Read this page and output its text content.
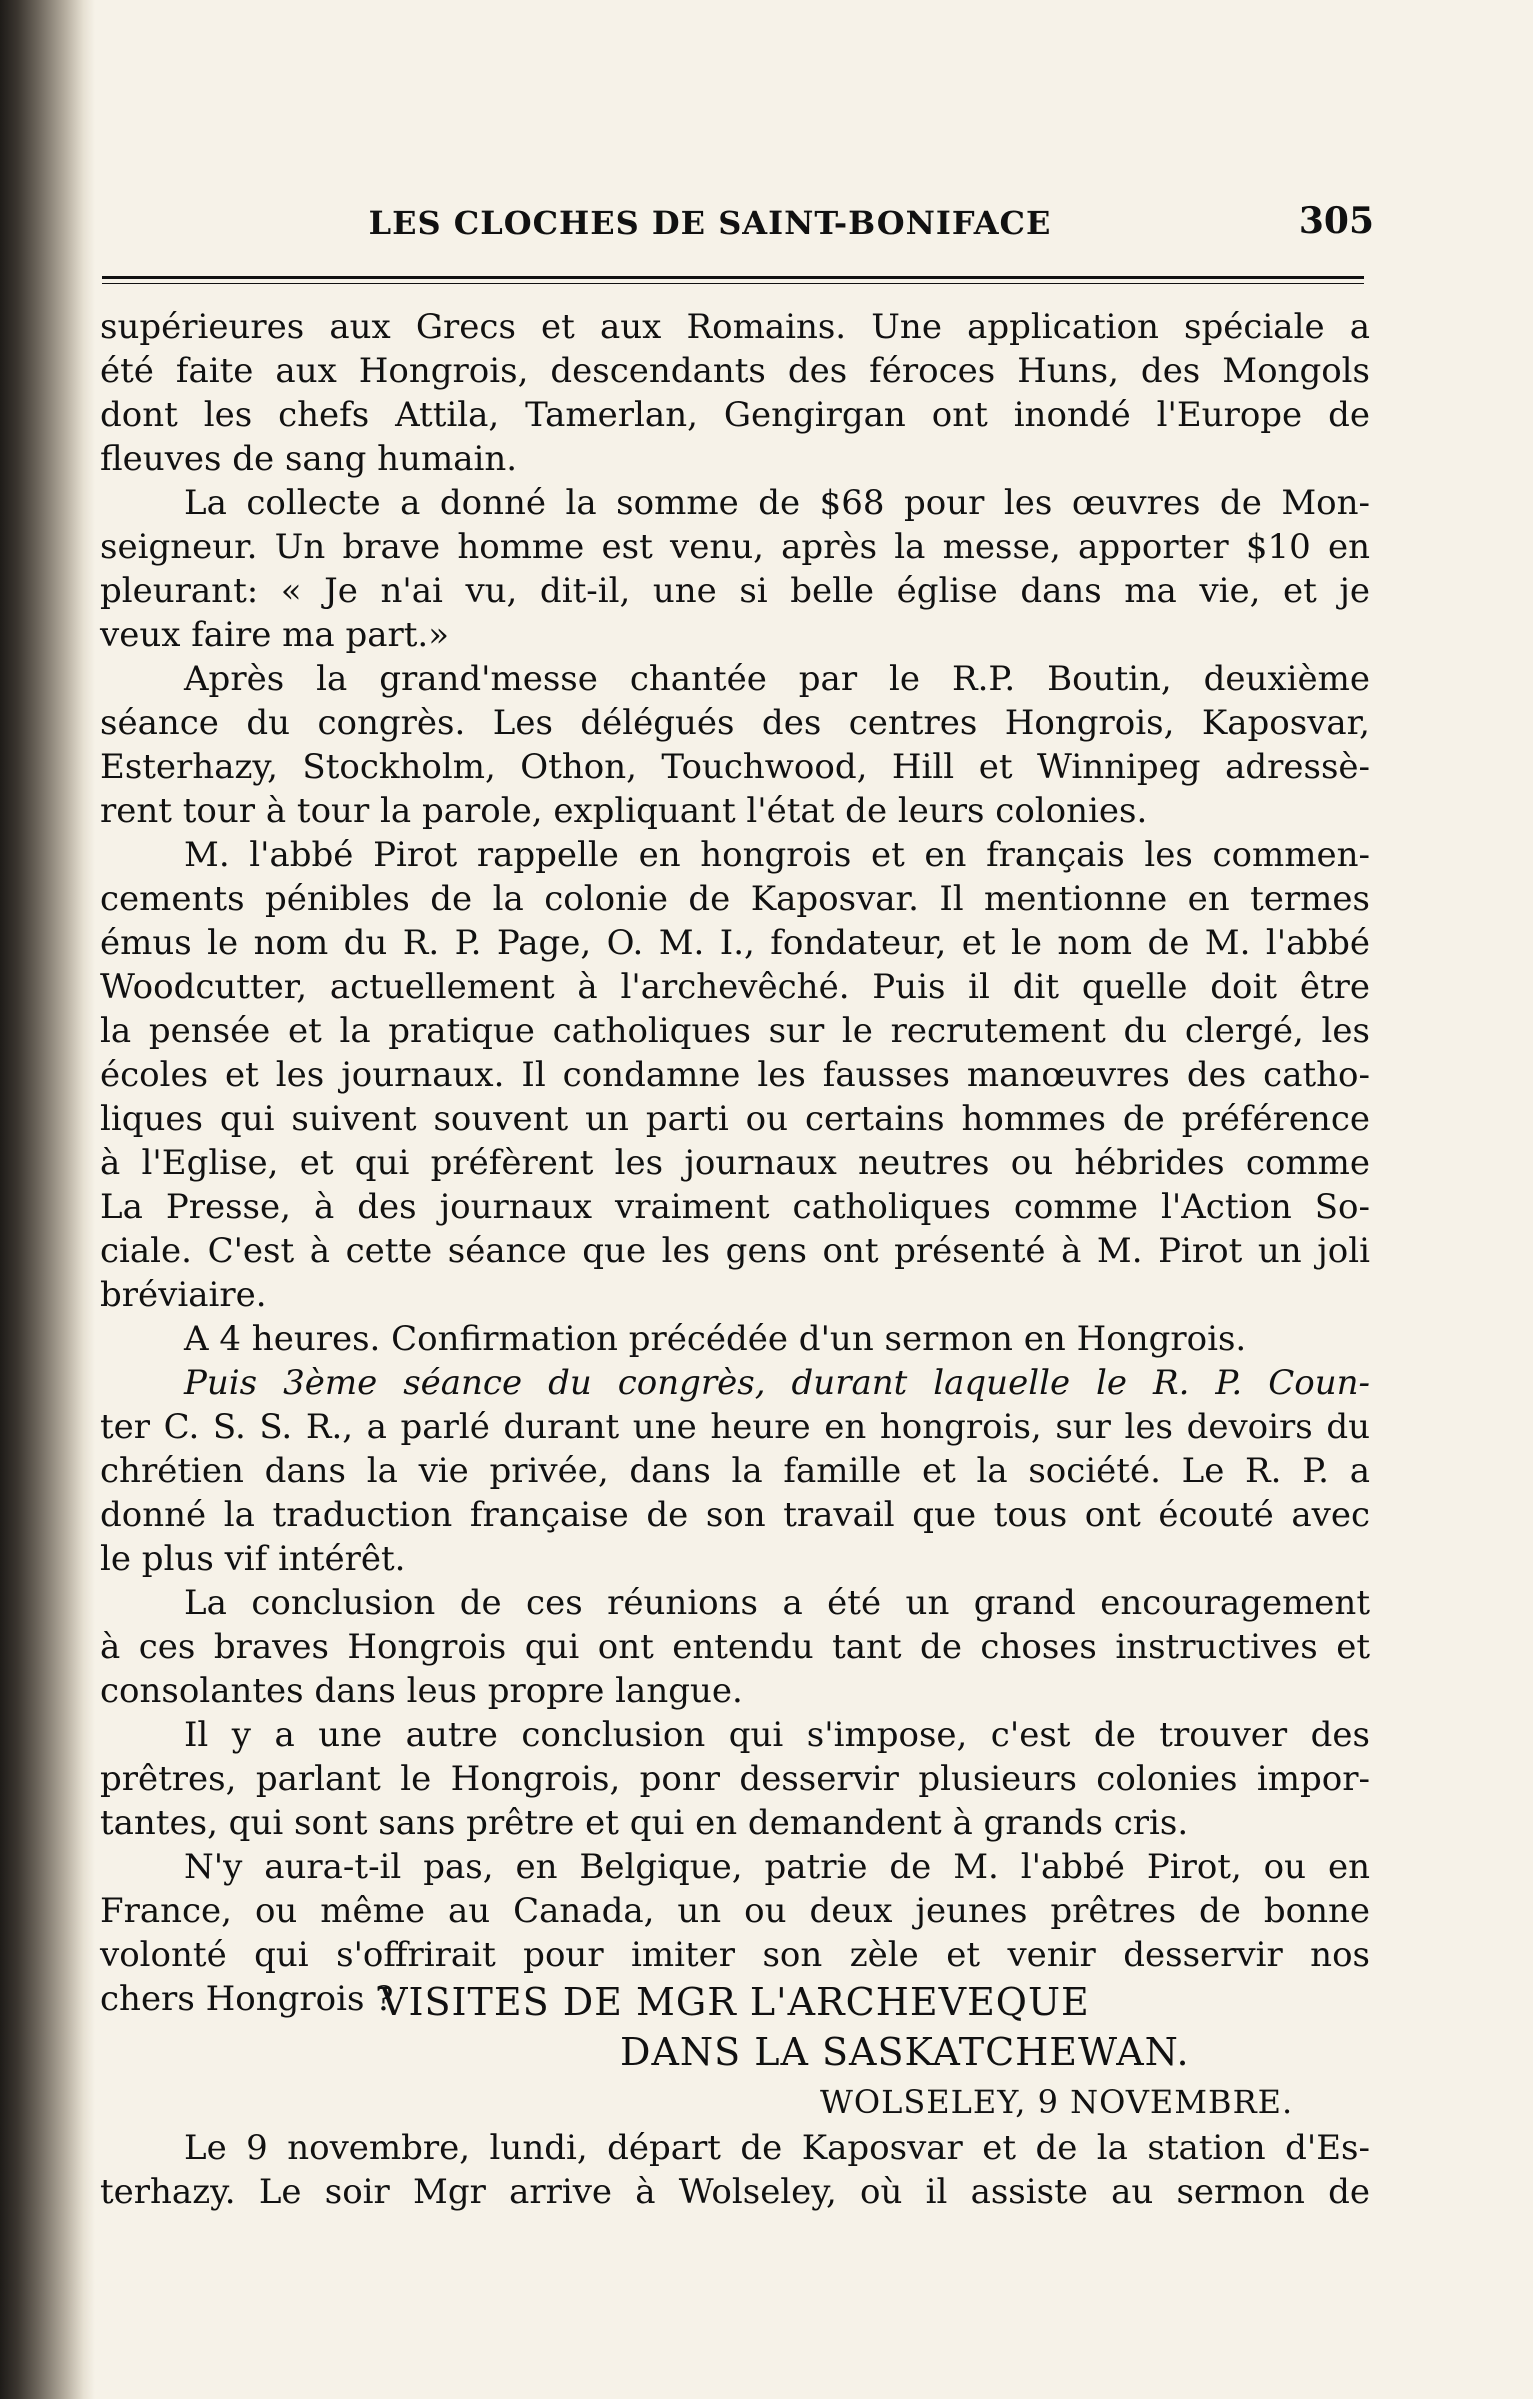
LES CLOCHES DE SAINT-BONIFACE	305
supérieures aux Grecs et aux Romains. Une application spéciale a
été faite aux Hongrois, descendants des féroces Huns, des Mongols
dont les chefs Attila, Tamerlan, Gengirgan ont inondé l'Europe de
fleuves de sang humain.
La collecte a donné la somme de $68 pour les œuvres de Mon-
seigneur. Un brave homme est venu, après la messe, apporter $10 en
pleurant: « Je n'ai vu, dit-il, une si belle église dans ma vie, et je
veux faire ma part.»
Après la grand'messe chantée par le R.P. Boutin, deuxième
séance du congrès. Les délégués des centres Hongrois, Kaposvar,
Esterhazy, Stockholm, Othon, Touchwood, Hill et Winnipeg adressè-
rent tour à tour la parole, expliquant l'état de leurs colonies.
M. l'abbé Pirot rappelle en hongrois et en français les commen-
cements pénibles de la colonie de Kaposvar. Il mentionne en termes
émus le nom du R. P. Page, O. M. I., fondateur, et le nom de M. l'abbé
Woodcutter, actuellement à l'archevêché. Puis il dit quelle doit être
la pensée et la pratique catholiques sur le recrutement du clergé, les
écoles et les journaux. Il condamne les fausses manœuvres des catho-
liques qui suivent souvent un parti ou certains hommes de préférence
à l'Eglise, et qui préfèrent les journaux neutres ou hébrides comme
La Presse, à des journaux vraiment catholiques comme l'Action So-
ciale. C'est à cette séance que les gens ont présenté à M. Pirot un joli
bréviaire.
A 4 heures. Confirmation précédée d'un sermon en Hongrois.
Puis 3ème séance du congrès, durant laquelle le R. P. Coun-
ter C. S. S. R., a parlé durant une heure en hongrois, sur les devoirs du
chrétien dans la vie privée, dans la famille et la société. Le R. P. a
donné la traduction française de son travail que tous ont écouté avec
le plus vif intérêt.
La conclusion de ces réunions a été un grand encouragement
à ces braves Hongrois qui ont entendu tant de choses instructives et
consolantes dans leus propre langue.
Il y a une autre conclusion qui s'impose, c'est de trouver des
prêtres, parlant le Hongrois, ponr desservir plusieurs colonies impor-
tantes, qui sont sans prêtre et qui en demandent à grands cris.
N'y aura-t-il pas, en Belgique, patrie de M. l'abbé Pirot, ou en
France, ou même au Canada, un ou deux jeunes prêtres de bonne
volonté qui s'offrirait pour imiter son zèle et venir desservir nos
chers Hongrois ?
VISITES DE MGR L'ARCHEVEQUE
DANS LA SASKATCHEWAN.
WOLSELEY, 9 NOVEMBRE.
Le 9 novembre, lundi, départ de Kaposvar et de la station d'Es-
terhazy. Le soir Mgr arrive à Wolseley, où il assiste au sermon de
